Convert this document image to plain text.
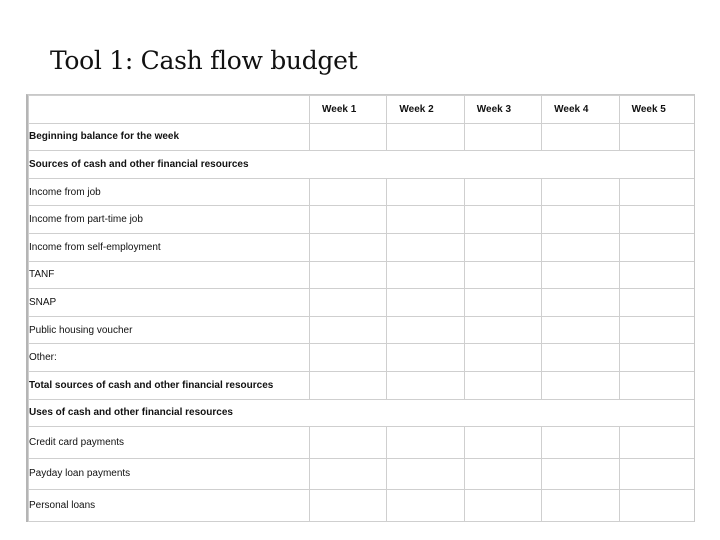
Tool 1: Cash flow budget
	Week 1	Week 2	Week 3	Week 4	Week 5
Beginning balance for the week					
Sources of cash and other financial resources					
Income from job					
Income from part-time job					
Income from self-employment					
TANF					
SNAP					
Public housing voucher					
Other:					
Total sources of cash and other financial resources					
Uses of cash and other financial resources					
Credit card payments					
Payday loan payments					
Personal loans					
